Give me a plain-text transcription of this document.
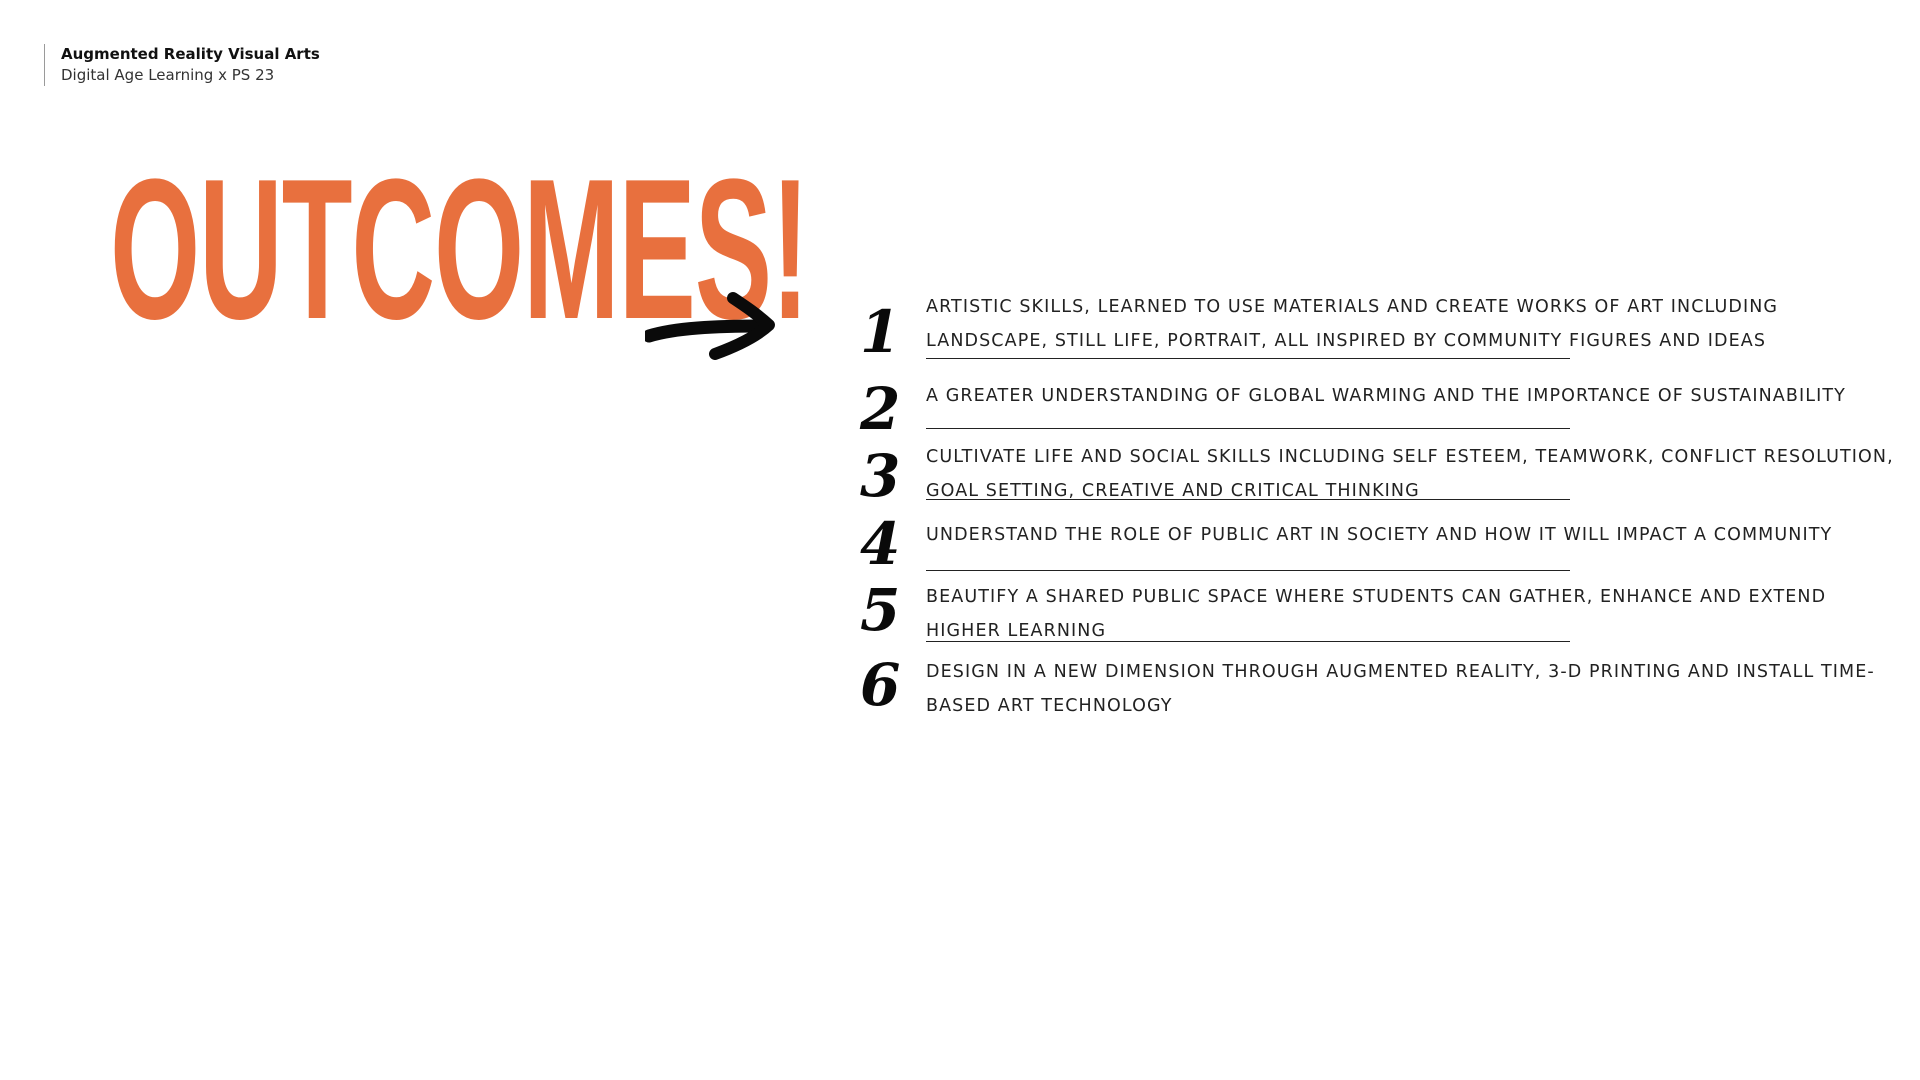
Augmented Reality Visual Arts
Digital Age Learning x PS 23
OUTCOMES! 1	ARTISTIC SKILLS, LEARNED TO USE MATERIALS AND CREATE WORKS OF ART INCLUDING LANDSCAPE, STILL LIFE, PORTRAIT, ALL INSPIRED BY COMMUNITY FIGURES AND IDEAS
2	A GREATER UNDERSTANDING OF GLOBAL WARMING AND THE IMPORTANCE OF SUSTAINABILITY
3	CULTIVATE LIFE AND SOCIAL SKILLS INCLUDING SELF ESTEEM, TEAMWORK, CONFLICT RESOLUTION, GOAL SETTING, CREATIVE AND CRITICAL THINKING
4	UNDERSTAND THE ROLE OF PUBLIC ART IN SOCIETY AND HOW IT WILL IMPACT A COMMUNITY
5	BEAUTIFY A SHARED PUBLIC SPACE WHERE STUDENTS CAN GATHER, ENHANCE AND EXTEND HIGHER LEARNING
6	DESIGN IN A NEW DIMENSION THROUGH AUGMENTED REALITY, 3-D PRINTING AND INSTALL TIME-BASED ART TECHNOLOGY
